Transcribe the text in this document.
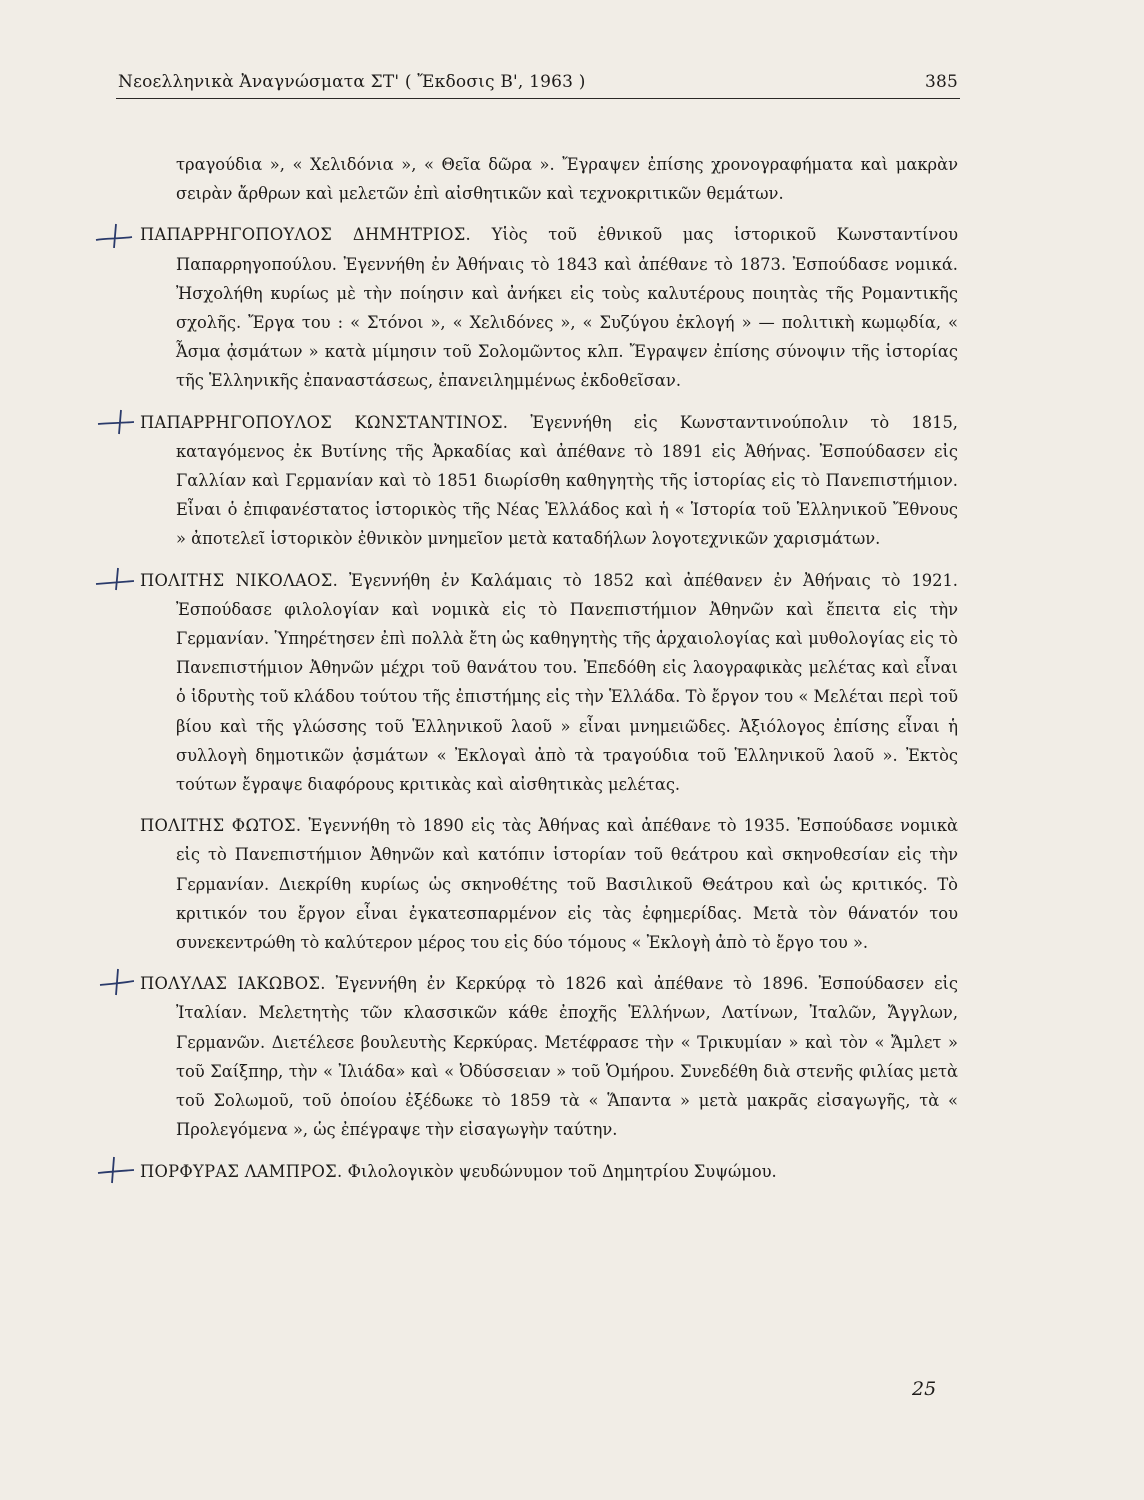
Νεοελληνικὰ Ἀναγνώσματα ΣΤ' ( Ἔκδοσις Β', 1963 )	385

τραγούδια », « Χελιδόνια », « Θεῖα δῶρα ». Ἔγραψεν ἐπίσης χρονογραφήματα καὶ μακρὰν σειρὰν ἄρθρων καὶ μελετῶν ἐπὶ αἰσθητικῶν καὶ τεχνοκριτικῶν θεμάτων.

ΠΑΠΑΡΡΗΓΟΠΟΥΛΟΣ ΔΗΜΗΤΡΙΟΣ. Υἱὸς τοῦ ἐθνικοῦ μας ἱστορικοῦ Κωνσταντίνου Παπαρρηγοπούλου. Ἐγεννήθη ἐν Ἀθήναις τὸ 1843 καὶ ἀπέθανε τὸ 1873. Ἐσπούδασε νομικά. Ἠσχολήθη κυρίως μὲ τὴν ποίησιν καὶ ἀνήκει εἰς τοὺς καλυτέρους ποιητὰς τῆς Ρομαντικῆς σχολῆς. Ἔργα του : « Στόνοι », « Χελιδόνες », « Συζύγου ἐκλογή » — πολιτικὴ κωμῳδία, « Ἆσμα ᾀσμάτων » κατὰ μίμησιν τοῦ Σολομῶντος κλπ. Ἔγραψεν ἐπίσης σύνοψιν τῆς ἱστορίας τῆς Ἑλληνικῆς ἐπαναστάσεως, ἐπανειλημμένως ἐκδοθεῖσαν.

ΠΑΠΑΡΡΗΓΟΠΟΥΛΟΣ ΚΩΝΣΤΑΝΤΙΝΟΣ. Ἐγεννήθη εἰς Κωνσταντινούπολιν τὸ 1815, καταγόμενος ἐκ Βυτίνης τῆς Ἀρκαδίας καὶ ἀπέθανε τὸ 1891 εἰς Ἀθήνας. Ἐσπούδασεν εἰς Γαλλίαν καὶ Γερμανίαν καὶ τὸ 1851 διωρίσθη καθηγητὴς τῆς ἱστορίας εἰς τὸ Πανεπιστήμιον. Εἶναι ὁ ἐπιφανέστατος ἱστορικὸς τῆς Νέας Ἑλλάδος καὶ ἡ « Ἱστορία τοῦ Ἑλληνικοῦ Ἔθνους » ἀποτελεῖ ἱστορικὸν ἐθνικὸν μνημεῖον μετὰ καταδήλων λογοτεχνικῶν χαρισμάτων.

ΠΟΛΙΤΗΣ ΝΙΚΟΛΑΟΣ. Ἐγεννήθη ἐν Καλάμαις τὸ 1852 καὶ ἀπέθανεν ἐν Ἀθήναις τὸ 1921. Ἐσπούδασε φιλολογίαν καὶ νομικὰ εἰς τὸ Πανεπιστήμιον Ἀθηνῶν καὶ ἔπειτα εἰς τὴν Γερμανίαν. Ὑπηρέτησεν ἐπὶ πολλὰ ἔτη ὡς καθηγητὴς τῆς ἀρχαιολογίας καὶ μυθολογίας εἰς τὸ Πανεπιστήμιον Ἀθηνῶν μέχρι τοῦ θανάτου του. Ἐπεδόθη εἰς λαογραφικὰς μελέτας καὶ εἶναι ὁ ἱδρυτὴς τοῦ κλάδου τούτου τῆς ἐπιστήμης εἰς τὴν Ἑλλάδα. Τὸ ἔργον του « Μελέται περὶ τοῦ βίου καὶ τῆς γλώσσης τοῦ Ἑλληνικοῦ λαοῦ » εἶναι μνημειῶδες. Ἀξιόλογος ἐπίσης εἶναι ἡ συλλογὴ δημοτικῶν ᾀσμάτων « Ἐκλογαὶ ἀπὸ τὰ τραγούδια τοῦ Ἑλληνικοῦ λαοῦ ». Ἐκτὸς τούτων ἔγραψε διαφόρους κριτικὰς καὶ αἰσθητικὰς μελέτας.

ΠΟΛΙΤΗΣ ΦΩΤΟΣ. Ἐγεννήθη τὸ 1890 εἰς τὰς Ἀθήνας καὶ ἀπέθανε τὸ 1935. Ἐσπούδασε νομικὰ εἰς τὸ Πανεπιστήμιον Ἀθηνῶν καὶ κατόπιν ἱστορίαν τοῦ θεάτρου καὶ σκηνοθεσίαν εἰς τὴν Γερμανίαν. Διεκρίθη κυρίως ὡς σκηνοθέτης τοῦ Βασιλικοῦ Θεάτρου καὶ ὡς κριτικός. Τὸ κριτικόν του ἔργον εἶναι ἐγκατεσπαρμένον εἰς τὰς ἐφημερίδας. Μετὰ τὸν θάνατόν του συνεκεντρώθη τὸ καλύτερον μέρος του εἰς δύο τόμους « Ἐκλογὴ ἀπὸ τὸ ἔργο του ».

ΠΟΛΥΛΑΣ ΙΑΚΩΒΟΣ. Ἐγεννήθη ἐν Κερκύρᾳ τὸ 1826 καὶ ἀπέθανε τὸ 1896. Ἐσπούδασεν εἰς Ἰταλίαν. Μελετητὴς τῶν κλασσικῶν κάθε ἐποχῆς Ἑλλήνων, Λατίνων, Ἰταλῶν, Ἄγγλων, Γερμανῶν. Διετέλεσε βουλευτὴς Κερκύρας. Μετέφρασε τὴν « Τρικυμίαν » καὶ τὸν « Ἄμλετ » τοῦ Σαίξπηρ, τὴν « Ἰλιάδα» καὶ « Ὀδύσσειαν » τοῦ Ὁμήρου. Συνεδέθη διὰ στενῆς φιλίας μετὰ τοῦ Σολωμοῦ, τοῦ ὁποίου ἐξέδωκε τὸ 1859 τὰ « Ἅπαντα » μετὰ μακρᾶς εἰσαγωγῆς, τὰ « Προλεγόμενα », ὡς ἐπέγραψε τὴν εἰσαγωγὴν ταύτην.

ΠΟΡΦΥΡΑΣ ΛΑΜΠΡΟΣ. Φιλολογικὸν ψευδώνυμον τοῦ Δημητρίου Συψώμου.

25
